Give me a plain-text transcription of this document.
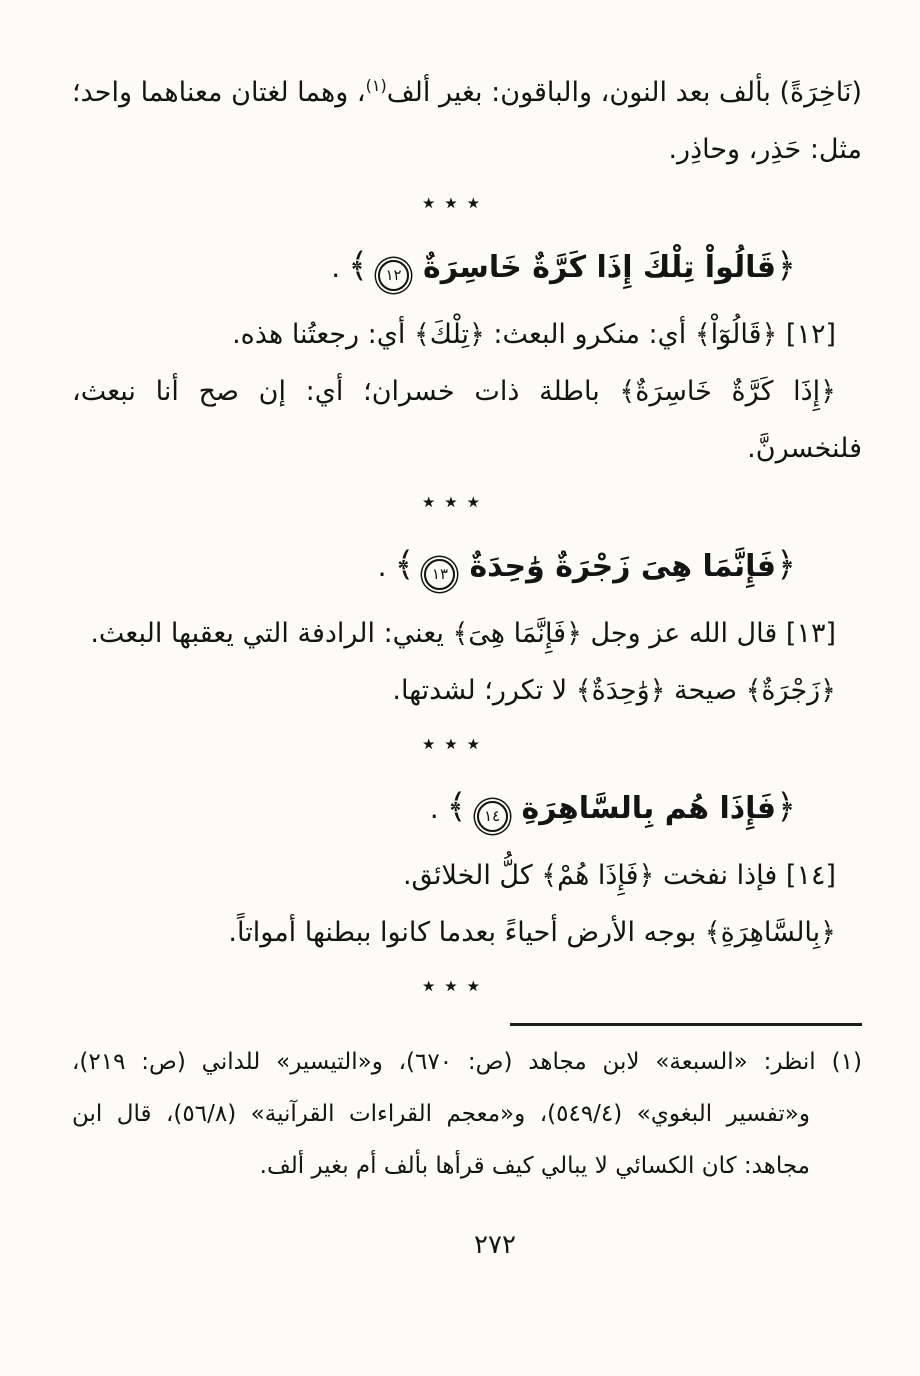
(نَاخِرَةً) بألف بعد النون، والباقون: بغير ألف$^{(١)}$، وهما لغتان معناهما واحد؛ مثل: حَذِر، وحاذِر.

٭ ٭ ٭
﴿قَالُواْ تِلْكَ إِذَا كَرَّةٌ خَاسِرَةٌ١٢﴾.

[١٢] ﴿قَالُوٓاْ﴾ أي: منكرو البعث: ﴿تِلْكَ﴾ أي: رجعتُنا هذه.

﴿إِذَا كَرَّةٌ خَاسِرَةٌ﴾ باطلة ذات خسران؛ أي: إن صح أنا نبعث، فلنخسرنَّ.

٭ ٭ ٭
﴿فَإِنَّمَا هِىَ زَجْرَةٌ وَٰحِدَةٌ١٣﴾.

[١٣] قال الله عز وجل ﴿فَإِنَّمَا هِىَ﴾ يعني: الرادفة التي يعقبها البعث.

﴿زَجْرَةٌ﴾ صيحة ﴿وَٰحِدَةٌ﴾ لا تكرر؛ لشدتها.

٭ ٭ ٭
﴿فَإِذَا هُم بِالسَّاهِرَةِ١٤﴾.

[١٤] فإذا نفخت ﴿فَإِذَا هُمْ﴾ كلُّ الخلائق.

﴿بِالسَّاهِرَةِ﴾ بوجه الأرض أحياءً بعدما كانوا ببطنها أمواتاً.

٭ ٭ ٭

(١)انظر: «السبعة» لابن مجاهد (ص: ٦٧٠)، و«التيسير» للداني (ص: ٢١٩)، و«تفسير البغوي» (٥٤٩/٤)، و«معجم القراءات القرآنية» (٥٦/٨)، قال ابن مجاهد: كان الكسائي لا يبالي كيف قرأها بألف أم بغير ألف.

٢٧٢
